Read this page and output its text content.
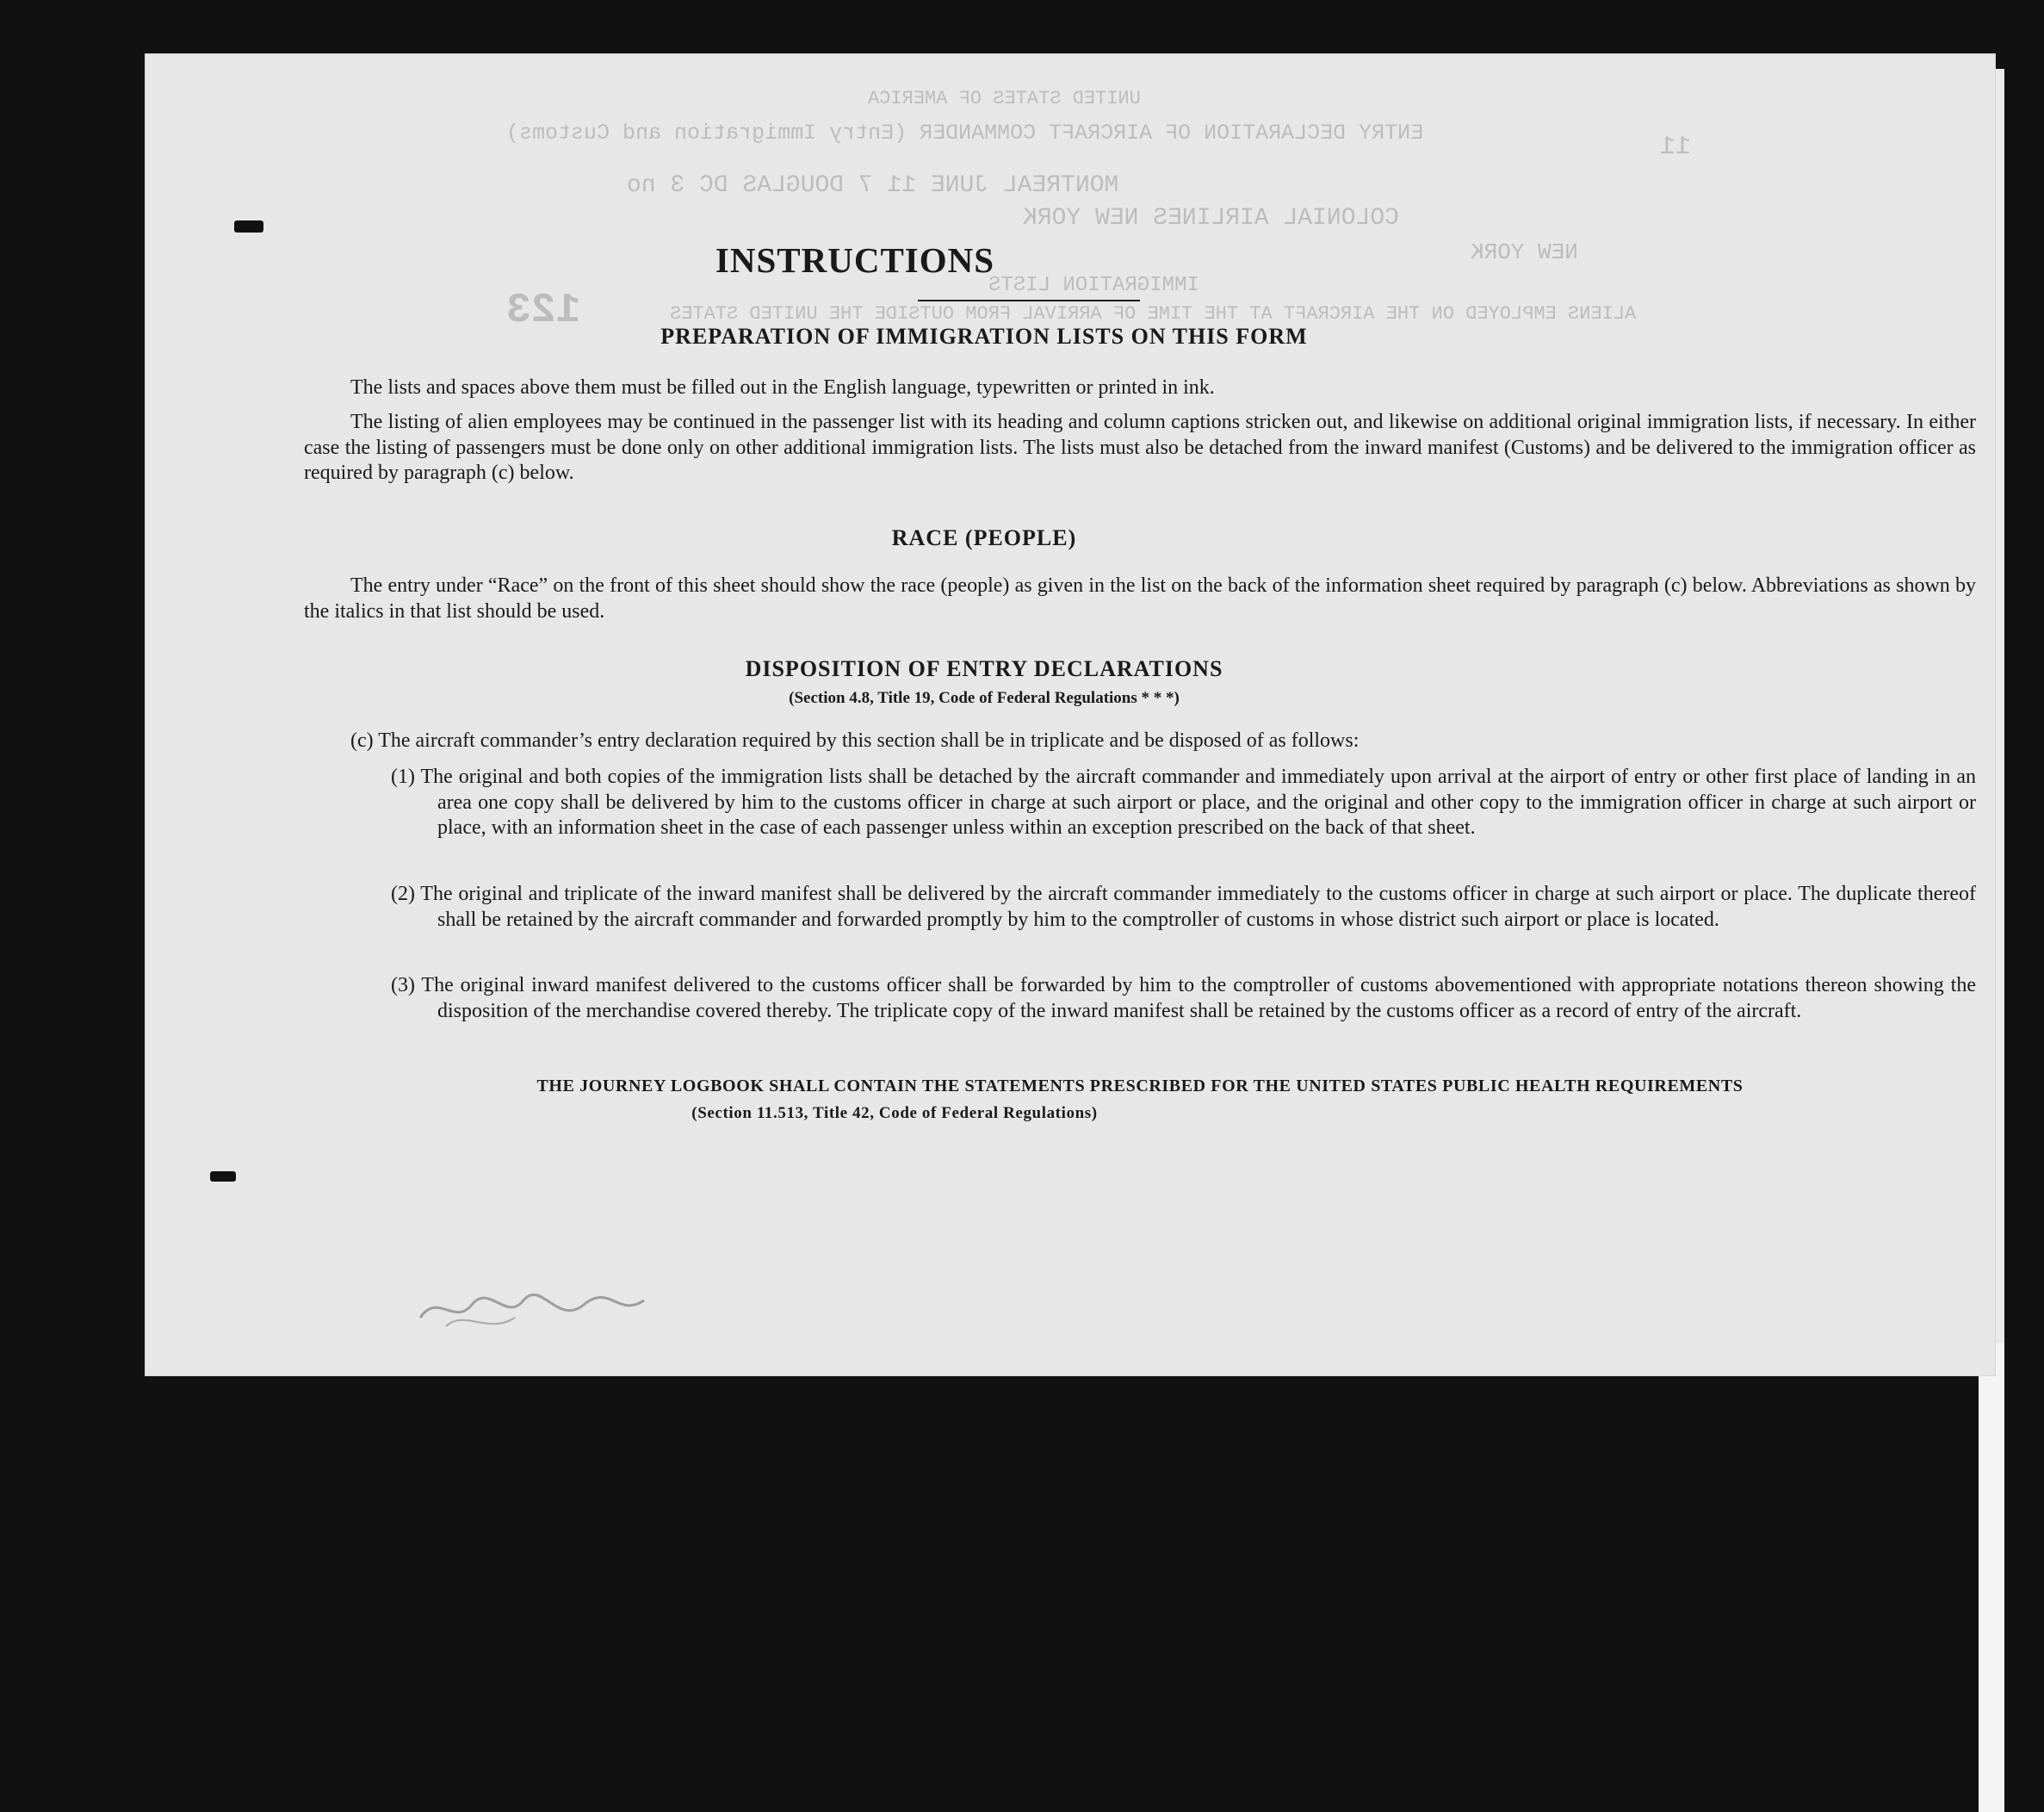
UNITED STATES OF AMERICA
ENTRY DECLARATION OF AIRCRAFT COMMANDER (Entry Immigration and Customs)	11
MONTREAL JUNE 11 7 DOUGLAS DC 3 no
COLONIAL AIRLINES NEW YORK
NEW YORK
IMMIGRATION LISTS
123	ALIENS EMPLOYED ON THE AIRCRAFT AT THE TIME OF ARRIVAL FROM OUTSIDE THE UNITED STATES
INSTRUCTIONS
PREPARATION OF IMMIGRATION LISTS ON THIS FORM

The lists and spaces above them must be filled out in the English language, typewritten or printed in ink.

The listing of alien employees may be continued in the passenger list with its heading and column captions stricken out, and likewise on additional original immigration lists, if necessary. In either case the listing of passengers must be done only on other additional immigration lists. The lists must also be detached from the inward manifest (Customs) and be delivered to the immigration officer as required by paragraph (c) below.

RACE (PEOPLE)

The entry under “Race” on the front of this sheet should show the race (people) as given in the list on the back of the information sheet required by paragraph (c) below. Abbreviations as shown by the italics in that list should be used.

DISPOSITION OF ENTRY DECLARATIONS
(Section 4.8, Title 19, Code of Federal Regulations * * *)

(c) The aircraft commander’s entry declaration required by this section shall be in triplicate and be disposed of as follows:

(1) The original and both copies of the immigration lists shall be detached by the aircraft commander and immediately upon arrival at the airport of entry or other first place of landing in an area one copy shall be delivered by him to the customs officer in charge at such airport or place, and the original and other copy to the immigration officer in charge at such airport or place, with an information sheet in the case of each passenger unless within an exception prescribed on the back of that sheet.
(2) The original and triplicate of the inward manifest shall be delivered by the aircraft commander immediately to the customs officer in charge at such airport or place. The duplicate thereof shall be retained by the aircraft commander and forwarded promptly by him to the comptroller of customs in whose district such airport or place is located.
(3) The original inward manifest delivered to the customs officer shall be forwarded by him to the comptroller of customs abovementioned with appropriate notations thereon showing the disposition of the merchandise covered thereby. The triplicate copy of the inward manifest shall be retained by the customs officer as a record of entry of the aircraft.
THE JOURNEY LOGBOOK SHALL CONTAIN THE STATEMENTS PRESCRIBED FOR THE UNITED STATES PUBLIC HEALTH REQUIREMENTS
(Section 11.513, Title 42, Code of Federal Regulations)
